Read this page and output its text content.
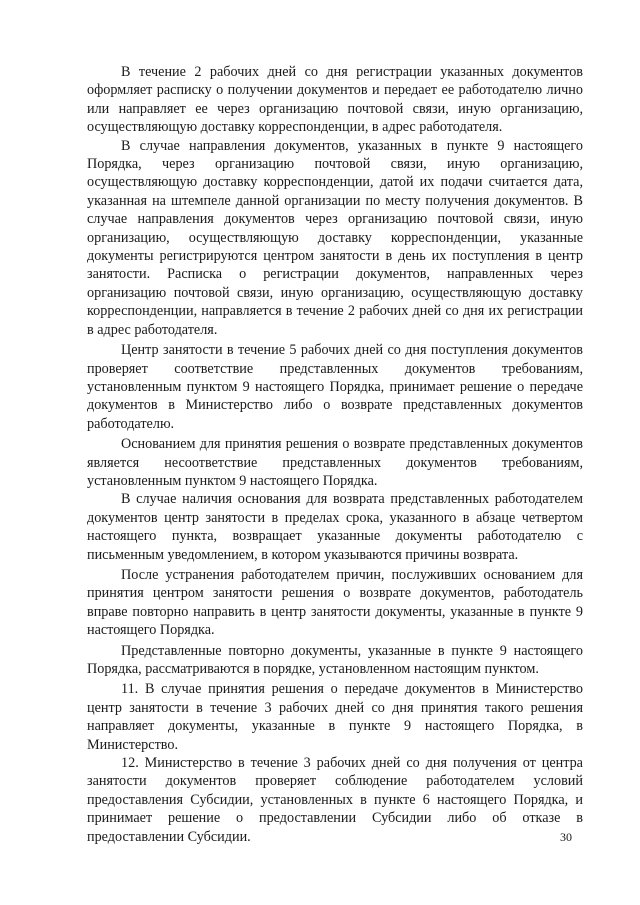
В течение 2 рабочих дней со дня регистрации указанных документов оформляет расписку о получении документов и передает ее работодателю лично или направляет ее через организацию почтовой связи, иную организацию, осуществляющую доставку корреспонденции, в адрес работодателя.

В случае направления документов, указанных в пункте 9 настоящего Порядка, через организацию почтовой связи, иную организацию, осуществляющую доставку корреспонденции, датой их подачи считается дата, указанная на штемпеле данной организации по месту получения документов. В случае направления документов через организацию почтовой связи, иную организацию, осуществляющую доставку корреспонденции, указанные документы регистрируются центром занятости в день их поступления в центр занятости. Расписка о регистрации документов, направленных через организацию почтовой связи, иную организацию, осуществляющую доставку корреспонденции, направляется в течение 2 рабочих дней со дня их регистрации в адрес работодателя.

Центр занятости в течение 5 рабочих дней со дня поступления документов проверяет соответствие представленных документов требованиям, установленным пунктом 9 настоящего Порядка, принимает решение о передаче документов в Министерство либо о возврате представленных документов работодателю.

Основанием для принятия решения о возврате представленных документов является несоответствие представленных документов требованиям, установленным пунктом 9 настоящего Порядка.

В случае наличия основания для возврата представленных работодателем документов центр занятости в пределах срока, указанного в абзаце четвертом настоящего пункта, возвращает указанные документы работодателю с письменным уведомлением, в котором указываются причины возврата.

После устранения работодателем причин, послуживших основанием для принятия центром занятости решения о возврате документов, работодатель вправе повторно направить в центр занятости документы, указанные в пункте 9 настоящего Порядка.

Представленные повторно документы, указанные в пункте 9 настоящего Порядка, рассматриваются в порядке, установленном настоящим пунктом.

11. В случае принятия решения о передаче документов в Министерство центр занятости в течение 3 рабочих дней со дня принятия такого решения направляет документы, указанные в пункте 9 настоящего Порядка, в Министерство.

12. Министерство в течение 3 рабочих дней со дня получения от центра занятости документов проверяет соблюдение работодателем условий предоставления Субсидии, установленных в пункте 6 настоящего Порядка, и принимает решение о предоставлении Субсидии либо об отказе в предоставлении Субсидии.	30
